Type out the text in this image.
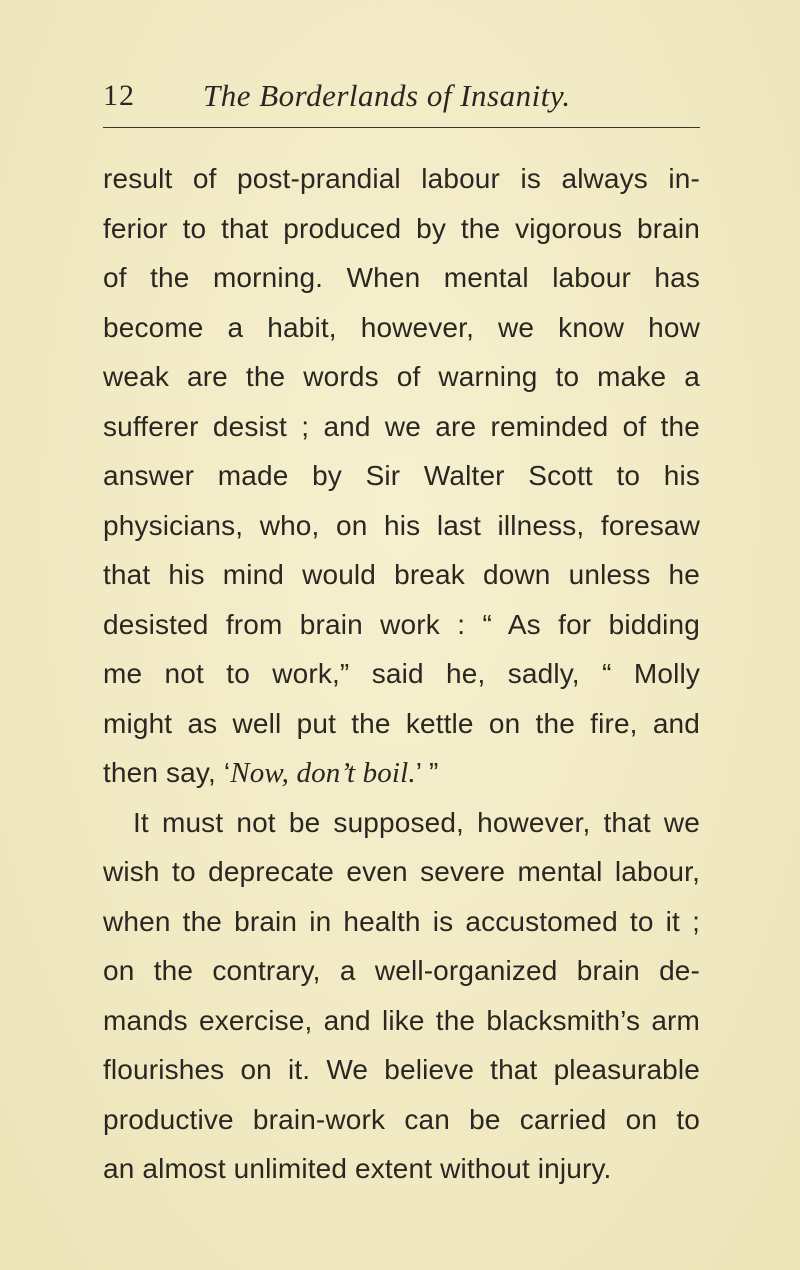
12 The Borderlands of Insanity.
result of post-prandial labour is always in-
ferior to that produced by the vigorous brain
of the morning. When mental labour has
become a habit, however, we know how
weak are the words of warning to make a
sufferer desist ; and we are reminded of the
answer made by Sir Walter Scott to his
physicians, who, on his last illness, foresaw
that his mind would break down unless he
desisted from brain work : “ As for bidding
me not to work,” said he, sadly, “ Molly
might as well put the kettle on the fire, and
then say, ‘Now, don’t boil.’ ”
It must not be supposed, however, that we
wish to deprecate even severe mental labour,
when the brain in health is accustomed to it ;
on the contrary, a well-organized brain de-
mands exercise, and like the blacksmith’s arm
flourishes on it. We believe that pleasurable
productive brain-work can be carried on to
an almost unlimited extent without injury.
